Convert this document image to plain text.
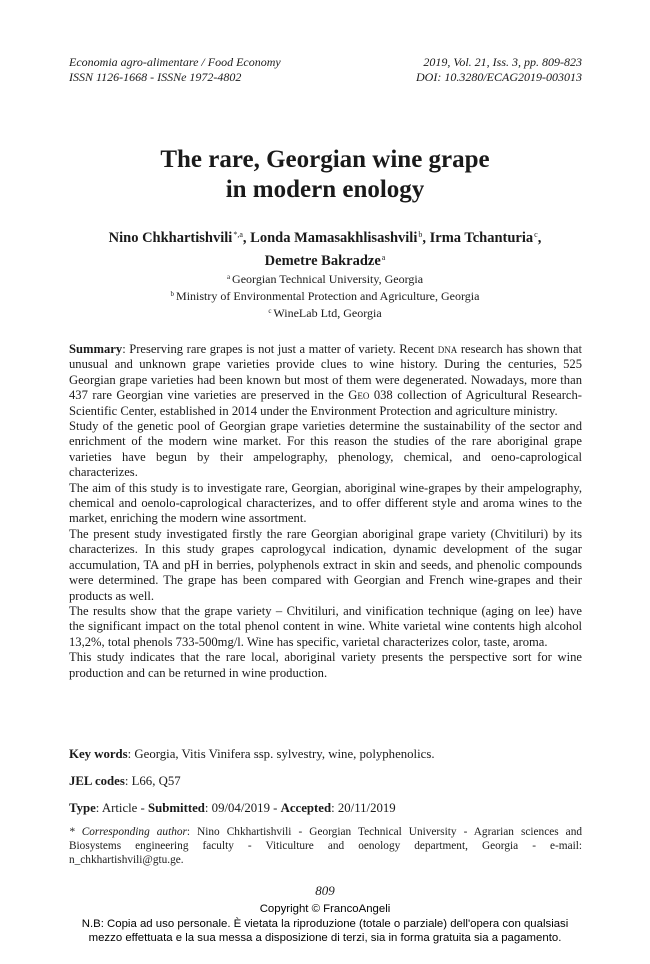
Economia agro-alimentare / Food Economy
ISSN 1126-1668 - ISSNe 1972-4802
2019, Vol. 21, Iss. 3, pp. 809-823
DOI: 10.3280/ECAG2019-003013
The rare, Georgian wine grape
in modern enology
Nino Chkhartishvili$^{*,a}$, Londa Mamasakhlisashvili$^b$, Irma Tchanturia$^c$,
Demetre Bakradze$^a$
$^a$ Georgian Technical University, Georgia
$^b$ Ministry of Environmental Protection and Agriculture, Georgia
$^c$ WineLab Ltd, Georgia

Summary: Preserving rare grapes is not just a matter of variety. Recent dna research has shown that unusual and unknown grape varieties provide clues to wine history. During the centuries, 525 Georgian grape varieties had been known but most of them were degenerated. Nowadays, more than 437 rare Georgian vine varieties are preserved in the Geo 038 collection of Agricultural Research-Scientific Center, established in 2014 under the Environment Protection and agriculture ministry.

Study of the genetic pool of Georgian grape varieties determine the sustainability of the sector and enrichment of the modern wine market. For this reason the studies of the rare aboriginal grape varieties have begun by their ampelography, phenology, chemical, and oeno-caprological characterizes.

The aim of this study is to investigate rare, Georgian, aboriginal wine-grapes by their ampelography, chemical and oenolo-caprological characterizes, and to offer different style and aroma wines to the market, enriching the modern wine assortment.

The present study investigated firstly the rare Georgian aboriginal grape variety (Chvitiluri) by its characterizes. In this study grapes caprologycal indication, dynamic development of the sugar accumulation, TA and pH in berries, polyphenols extract in skin and seeds, and phenolic compounds were determined. The grape has been compared with Georgian and French wine-grapes and their products as well.

The results show that the grape variety – Chvitiluri, and vinification technique (aging on lee) have the significant impact on the total phenol content in wine. White varietal wine contents high alcohol 13,2%, total phenols 733-500mg/l. Wine has specific, varietal characterizes color, taste, aroma.

This study indicates that the rare local, aboriginal variety presents the perspective sort for wine production and can be returned in wine production.

Key words: Georgia, Vitis Vinifera ssp. sylvestry, wine, polyphenolics.
JEL codes: L66, Q57
Type: Article - Submitted: 09/04/2019 - Accepted: 20/11/2019
* Corresponding author: Nino Chkhartishvili - Georgian Technical University - Agrarian sciences and Biosystems engineering faculty - Viticulture and oenology department, Georgia - e-mail: n_chkhartishvili@gtu.ge.
809
Copyright © FrancoAngeli
N.B: Copia ad uso personale. È vietata la riproduzione (totale o parziale) dell'opera con qualsiasi
mezzo effettuata e la sua messa a disposizione di terzi, sia in forma gratuita sia a pagamento.
